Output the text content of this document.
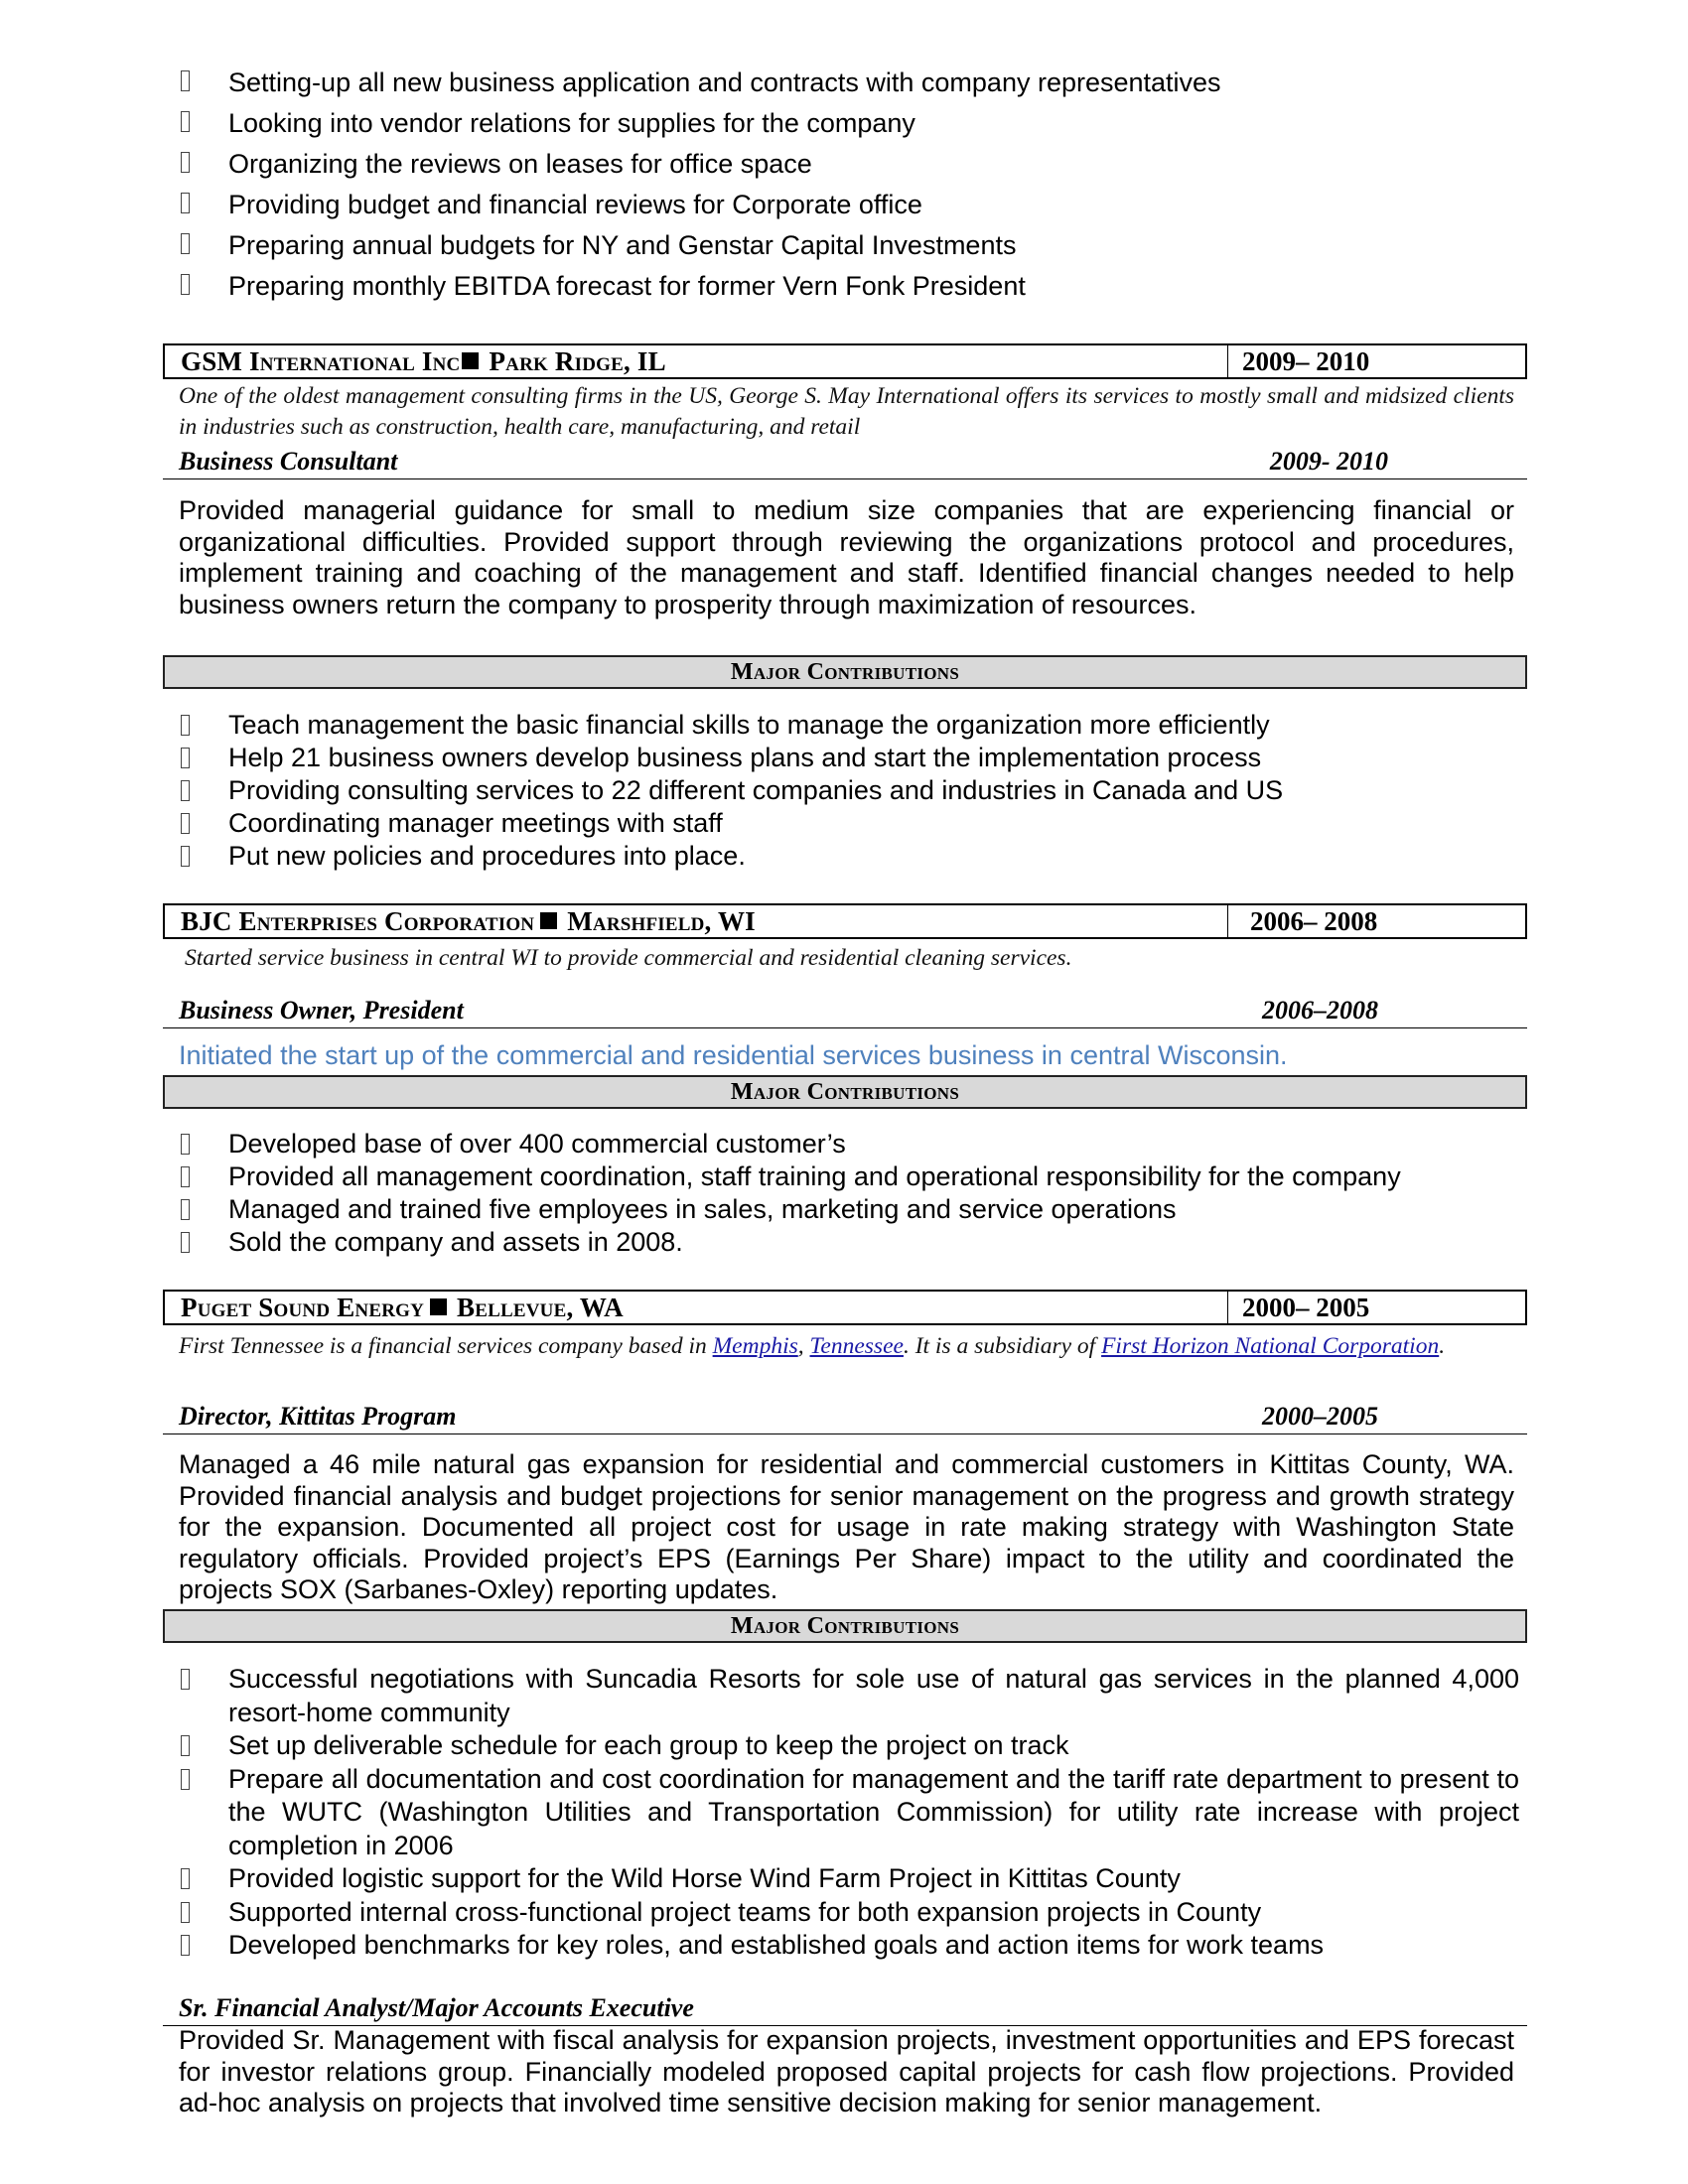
Setting-up all new business application and contracts with company representatives
Looking into vendor relations for supplies for the company
Organizing the reviews on leases for office space
Providing budget and financial reviews for Corporate office
Preparing annual budgets for NY and Genstar Capital Investments
Preparing monthly EBITDA forecast for former Vern Fonk President
GSM International Inc Park Ridge, IL	2009– 2010
One of the oldest management consulting firms in the US, George S. May International offers its services to mostly small and midsized clients in industries such as construction, health care, manufacturing, and retail
Business Consultant	2009- 2010
Provided managerial guidance for small to medium size companies that are experiencing financial or organizational difficulties. Provided support through reviewing the organizations protocol and procedures, implement training and coaching of the management and staff. Identified financial changes needed to help business owners return the company to prosperity through maximization of resources.
Major Contributions
Teach management the basic financial skills to manage the organization more efficiently
Help 21 business owners develop business plans and start the implementation process
Providing consulting services to 22 different companies and industries in Canada and US
Coordinating manager meetings with staff
Put new policies and procedures into place.
BJC Enterprises Corporation Marshfield, WI	2006– 2008
Started service business in central WI to provide commercial and residential cleaning services.
Business Owner, President	2006–2008
Initiated the start up of the commercial and residential services business in central Wisconsin.
Major Contributions
Developed base of over 400 commercial customer’s
Provided all management coordination, staff training and operational responsibility for the company
Managed and trained five employees in sales, marketing and service operations
Sold the company and assets in 2008.
Puget Sound Energy Bellevue, WA	2000– 2005
First Tennessee is a financial services company based in Memphis, Tennessee. It is a subsidiary of First Horizon National Corporation.
Director, Kittitas Program	2000–2005
Managed a 46 mile natural gas expansion for residential and commercial customers in Kittitas County, WA. Provided financial analysis and budget projections for senior management on the progress and growth strategy for the expansion. Documented all project cost for usage in rate making strategy with Washington State regulatory officials. Provided project’s EPS (Earnings Per Share) impact to the utility and coordinated the projects SOX (Sarbanes-Oxley) reporting updates.
Major Contributions
Successful negotiations with Suncadia Resorts for sole use of natural gas services in the planned 4,000 resort-home community
Set up deliverable schedule for each group to keep the project on track
Prepare all documentation and cost coordination for management and the tariff rate department to present to the WUTC (Washington Utilities and Transportation Commission) for utility rate increase with project completion in 2006
Provided logistic support for the Wild Horse Wind Farm Project in Kittitas County
Supported internal cross-functional project teams for both expansion projects in County
Developed benchmarks for key roles, and established goals and action items for work teams
Sr. Financial Analyst/Major Accounts Executive
Provided Sr. Management with fiscal analysis for expansion projects, investment opportunities and EPS forecast for investor relations group. Financially modeled proposed capital projects for cash flow projections. Provided ad-hoc analysis on projects that involved time sensitive decision making for senior management.
